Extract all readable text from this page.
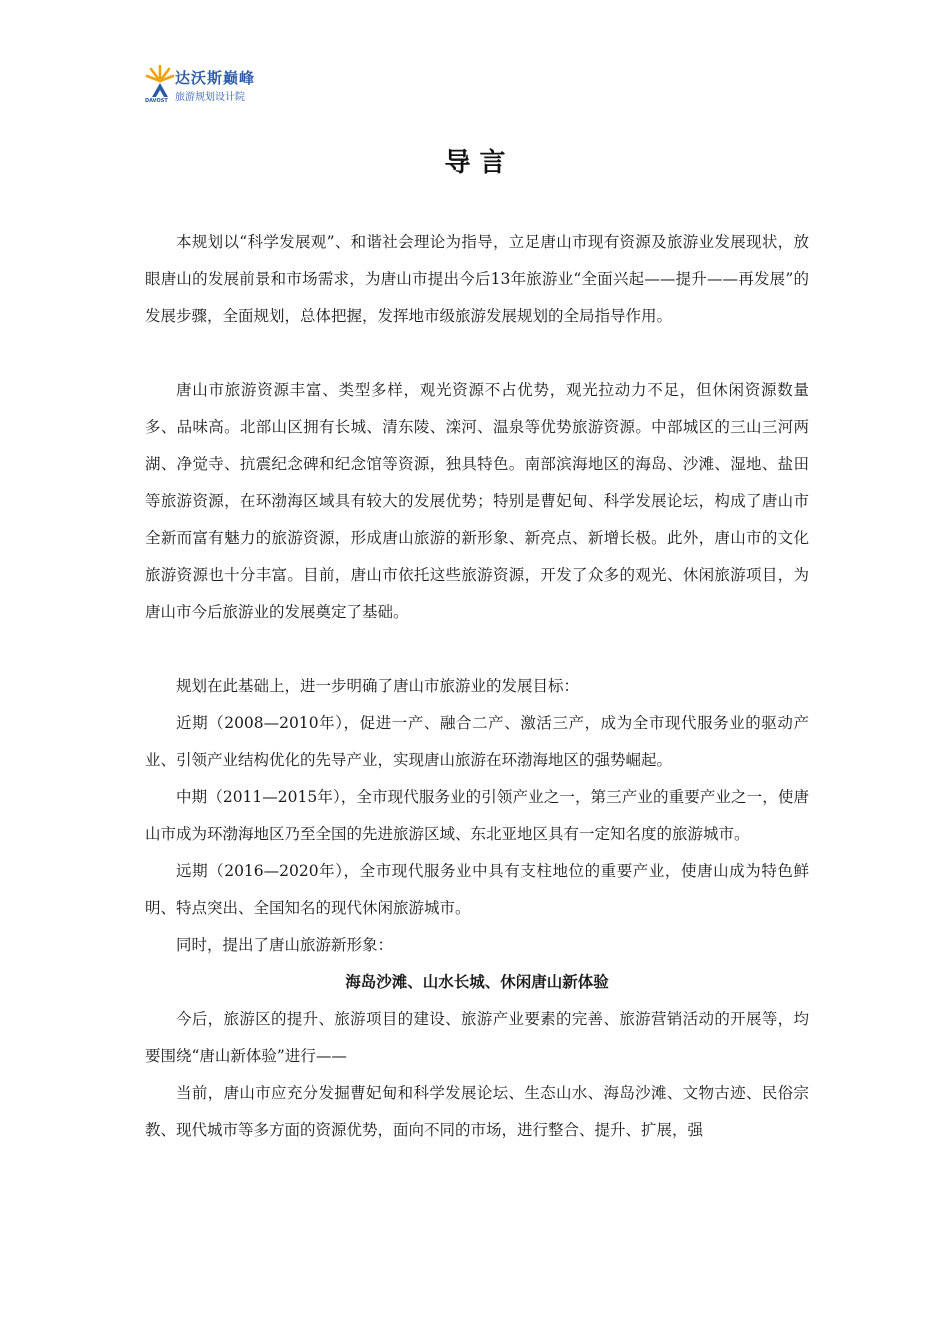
达沃斯巅峰
旅游规划设计院
DAVOST
导 言

本规划以“科学发展观”、和谐社会理论为指导，立足唐山市现有资源及旅游业发展现状，放眼唐山的发展前景和市场需求，为唐山市提出今后13年旅游业“全面兴起——提升——再发展”的发展步骤，全面规划，总体把握，发挥地市级旅游发展规划的全局指导作用。

唐山市旅游资源丰富、类型多样，观光资源不占优势，观光拉动力不足，但休闲资源数量多、品味高。北部山区拥有长城、清东陵、滦河、温泉等优势旅游资源。中部城区的三山三河两湖、净觉寺、抗震纪念碑和纪念馆等资源，独具特色。南部滨海地区的海岛、沙滩、湿地、盐田等旅游资源，在环渤海区域具有较大的发展优势；特别是曹妃甸、科学发展论坛，构成了唐山市全新而富有魅力的旅游资源，形成唐山旅游的新形象、新亮点、新增长极。此外，唐山市的文化旅游资源也十分丰富。目前，唐山市依托这些旅游资源，开发了众多的观光、休闲旅游项目，为唐山市今后旅游业的发展奠定了基础。

规划在此基础上，进一步明确了唐山市旅游业的发展目标：

近期（2008—2010年），促进一产、融合二产、激活三产，成为全市现代服务业的驱动产业、引领产业结构优化的先导产业，实现唐山旅游在环渤海地区的强势崛起。

中期（2011—2015年），全市现代服务业的引领产业之一，第三产业的重要产业之一，使唐山市成为环渤海地区乃至全国的先进旅游区域、东北亚地区具有一定知名度的旅游城市。

远期（2016—2020年），全市现代服务业中具有支柱地位的重要产业，使唐山成为特色鲜明、特点突出、全国知名的现代休闲旅游城市。

同时，提出了唐山旅游新形象：

海岛沙滩、山水长城、休闲唐山新体验

今后，旅游区的提升、旅游项目的建设、旅游产业要素的完善、旅游营销活动的开展等，均要围绕“唐山新体验”进行——

当前，唐山市应充分发掘曹妃甸和科学发展论坛、生态山水、海岛沙滩、文物古迹、民俗宗教、现代城市等多方面的资源优势，面向不同的市场，进行整合、提升、扩展，强
